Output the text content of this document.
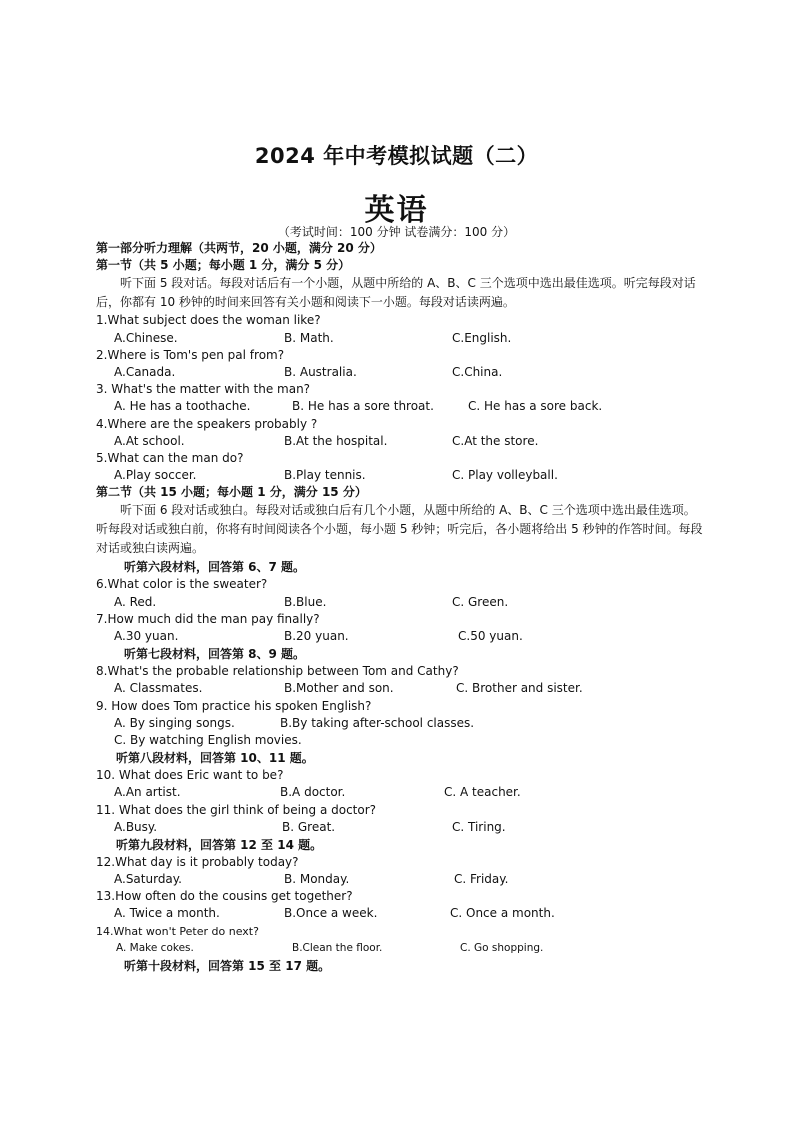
2024 年中考模拟试题（二）
英语
（考试时间：100 分钟 试卷满分：100 分）
第一部分听力理解（共两节，20 小题，满分 20 分）
第一节（共 5 小题；每小题 1 分，满分 5 分）
听下面 5 段对话。每段对话后有一个小题，从题中所给的 A、B、C 三个选项中选出最佳选项。听完每段对话后，你都有 10 秒钟的时间来回答有关小题和阅读下一小题。每段对话读两遍。
1.What subject does the woman like?
A.Chinese.	B. Math.	C.English.
2.Where is Tom's pen pal from?
A.Canada.	B. Australia.	C.China.
3. What's the matter with the man?
A. He has a toothache.	B. He has a sore throat.	C. He has a sore back.
4.Where are the speakers probably ?
A.At school.	B.At the hospital.	C.At the store.
5.What can the man do?
A.Play soccer.	B.Play tennis.	C. Play volleyball.
第二节（共 15 小题；每小题 1 分，满分 15 分）
听下面 6 段对话或独白。每段对话或独白后有几个小题，从题中所给的 A、B、C 三个选项中选出最佳选项。听每段对话或独白前，你将有时间阅读各个小题，每小题 5 秒钟；听完后，各小题将给出 5 秒钟的作答时间。每段对话或独白读两遍。
听第六段材料，回答第 6、7 题。
6.What color is the sweater?
A. Red.	B.Blue.	C. Green.
7.How much did the man pay finally?
A.30 yuan.	B.20 yuan.	C.50 yuan.
听第七段材料，回答第 8、9 题。
8.What's the probable relationship between Tom and Cathy?
A. Classmates.	B.Mother and son.	C. Brother and sister.
9. How does Tom practice his spoken English?
A. By singing songs.	B.By taking after-school classes.
C. By watching English movies.
听第八段材料，回答第 10、11 题。
10. What does Eric want to be?
A.An artist.	B.A doctor.	C. A teacher.
11. What does the girl think of being a doctor?
A.Busy.	B. Great.	C. Tiring.
听第九段材料，回答第 12 至 14 题。
12.What day is it probably today?
A.Saturday.	B. Monday.	C. Friday.
13.How often do the cousins get together?
A. Twice a month.	B.Once a week.	C. Once a month.
14.What won't Peter do next?
A. Make cokes.	B.Clean the floor.	C. Go shopping.
听第十段材料，回答第 15 至 17 题。
